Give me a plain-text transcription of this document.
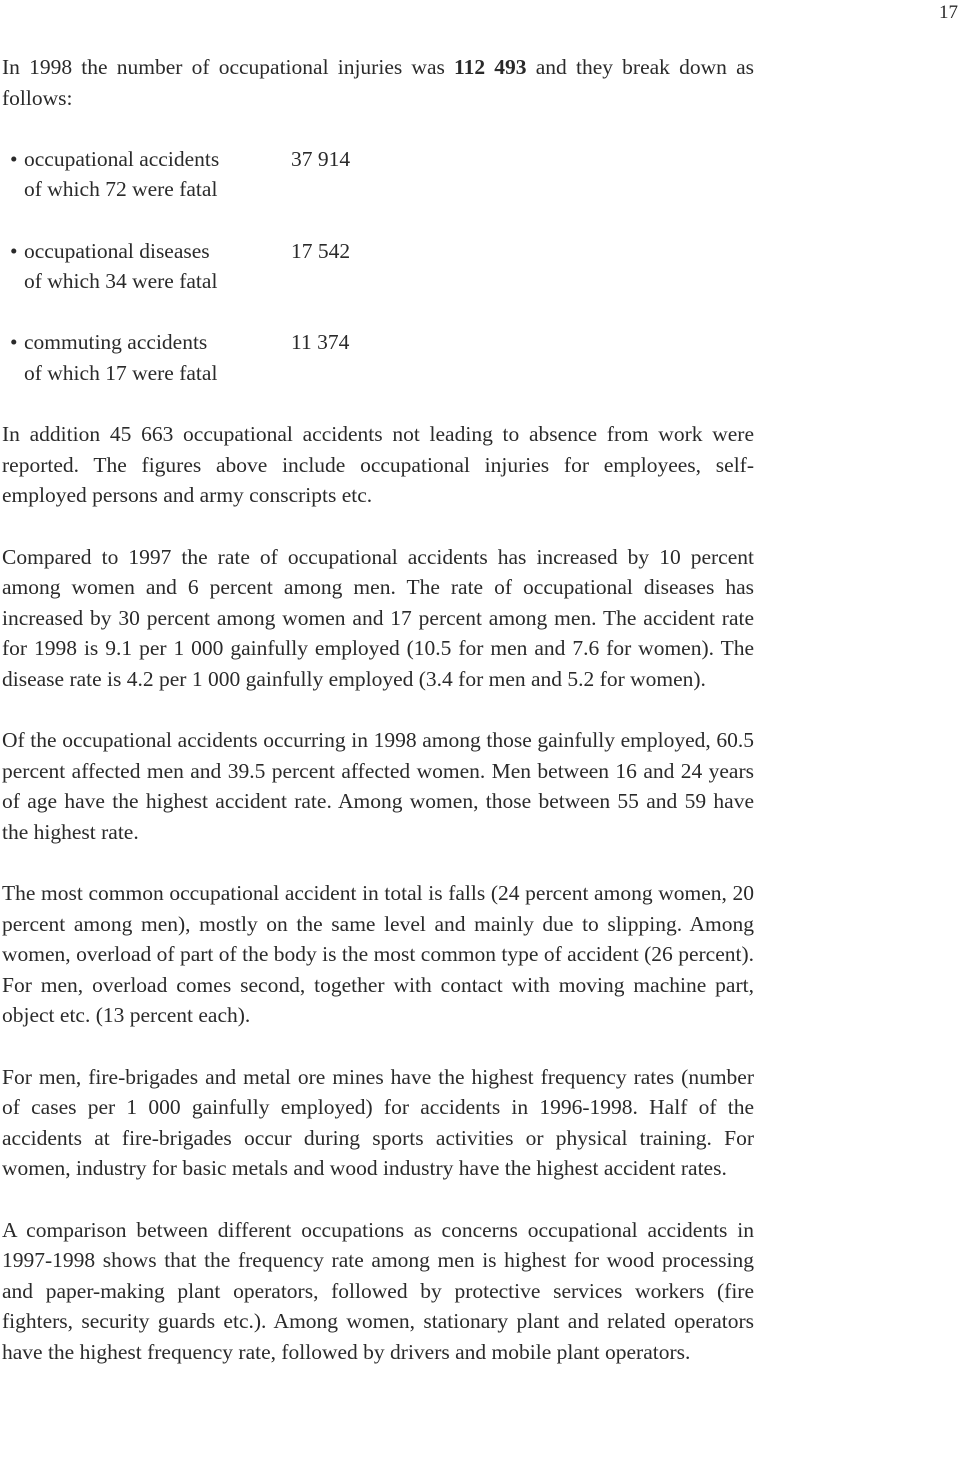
17

In 1998 the number of occupational injuries was 112 493 and they break down as follows:

• occupational accidents	37 914
of which 72 were fatal
• occupational diseases	17 542
of which 34 were fatal
• commuting accidents	11 374
of which 17 were fatal

In addition 45 663 occupational accidents not leading to absence from work were reported. The figures above include occupational injuries for employees, self-employed persons and army conscripts etc.

Compared to 1997 the rate of occupational accidents has increased by 10 percent among women and 6 percent among men. The rate of occupational diseases has increased by 30 percent among women and 17 percent among men. The accident rate for 1998 is 9.1 per 1 000 gainfully employed (10.5 for men and 7.6 for women). The disease rate is 4.2 per 1 000 gainfully employed (3.4 for men and 5.2 for women).

Of the occupational accidents occurring in 1998 among those gainfully employed, 60.5 percent affected men and 39.5 percent affected women. Men between 16 and 24 years of age have the highest accident rate. Among women, those between 55 and 59 have the highest rate.

The most common occupational accident in total is falls (24 percent among women, 20 percent among men), mostly on the same level and mainly due to slipping. Among women, overload of part of the body is the most common type of accident (26 percent). For men, overload comes second, together with contact with moving machine part, object etc. (13 percent each).

For men, fire-brigades and metal ore mines have the highest frequency rates (number of cases per 1 000 gainfully employed) for accidents in 1996-1998. Half of the accidents at fire-brigades occur during sports activities or physical training. For women, industry for basic metals and wood industry have the highest accident rates.

A comparison between different occupations as concerns occupational accidents in 1997-1998 shows that the frequency rate among men is highest for wood processing and paper-making plant operators, followed by protective services workers (fire fighters, security guards etc.). Among women, stationary plant and related operators have the highest frequency rate, followed by drivers and mobile plant operators.
